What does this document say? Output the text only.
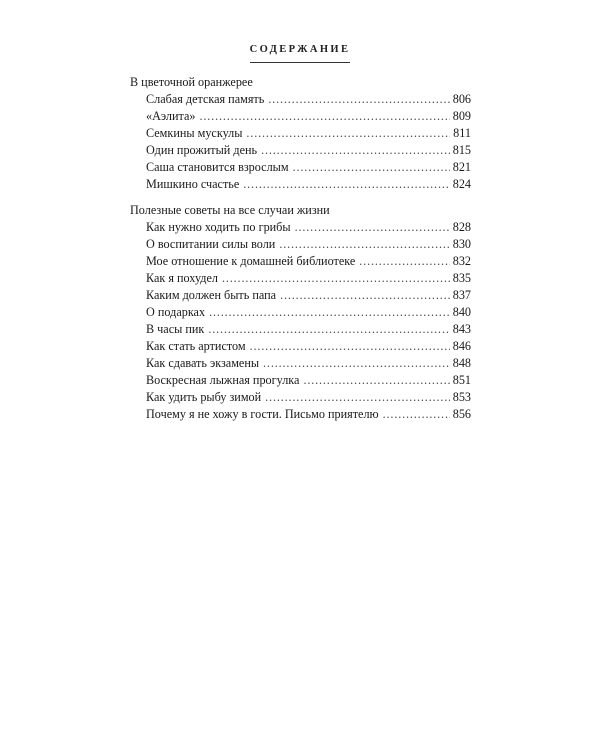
СОДЕРЖАНИЕ
В цветочной оранжерее
Слабая детская память . . .	806
«Аэлита» . . .	809
Семкины мускулы . . .	811
Один прожитый день . . .	815
Саша становится взрослым . . .	821
Мишкино счастье . . .	824
Полезные советы на все случаи жизни
Как нужно ходить по грибы . . .	828
О воспитании силы воли . . .	830
Мое отношение к домашней библиотеке . . .	832
Как я похудел . . .	835
Каким должен быть папа . . .	837
О подарках . . .	840
В часы пик . . .	843
Как стать артистом . . .	846
Как сдавать экзамены . . .	848
Воскресная лыжная прогулка . . .	851
Как удить рыбу зимой . . .	853
Почему я не хожу в гости. Письмо приятелю . . .	856
